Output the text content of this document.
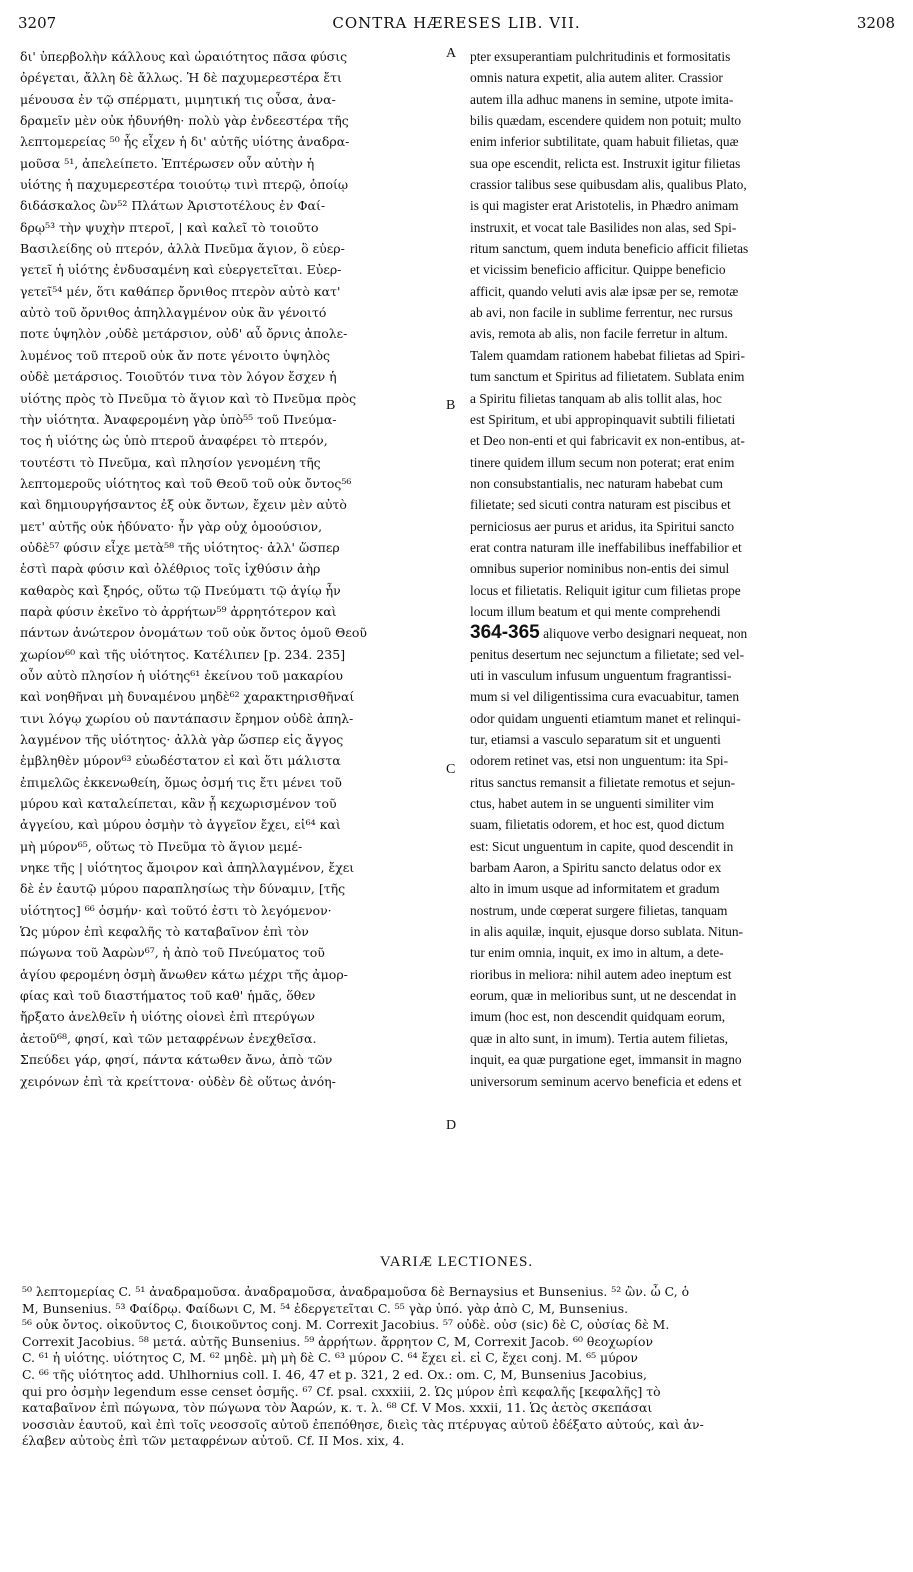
3207	CONTRA HÆRESES LIB. VII.	3208
δι' ὑπερβολὴν κάλλους καὶ ὡραιότητος πᾶσα φύσις
ὀρέγεται, ἄλλη δὲ ἄλλως. Ἡ δὲ παχυμερεστέρα ἔτι
μένουσα ἐν τῷ σπέρματι, μιμητική τις οὖσα, ἀνα-
δραμεῖν μὲν οὐκ ἠδυνήθη· πολὺ γὰρ ἐνδεεστέρα τῆς
λεπτομερείας ⁵⁰ ἧς εἶχεν ἡ δι' αὐτῆς υἱότης ἀναδρα-
μοῦσα ⁵¹, ἀπελείπετο. Ἐπτέρωσεν οὖν αὐτὴν ἡ
υἱότης ἡ παχυμερεστέρα τοιούτῳ τινὶ πτερῷ, ὁποίῳ
διδάσκαλος ὢν⁵² Πλάτων Ἀριστοτέλους ἐν Φαί-
δρῳ⁵³ τὴν ψυχὴν πτεροῖ, | καὶ καλεῖ τὸ τοιοῦτο
Βασιλείδης οὐ πτερόν, ἀλλὰ Πνεῦμα ἅγιον, ὃ εὐερ-
γετεῖ ἡ υἱότης ἐνδυσαμένη καὶ εὐεργετεῖται. Εὐερ-
γετεῖ⁵⁴ μέν, ὅτι καθάπερ ὄρνιθος πτερὸν αὐτὸ κατ'
αὐτὸ τοῦ ὄρνιθος ἀπηλλαγμένον οὐκ ἂν γένοιτό
ποτε ὑψηλὸν ,οὐδὲ μετάρσιον, οὐδ' αὖ ὄρνις ἀπολε-
λυμένος τοῦ πτεροῦ οὐκ ἄν ποτε γένοιτο ὑψηλὸς
οὐδὲ μετάρσιος. Τοιοῦτόν τινα τὸν λόγον ἔσχεν ἡ
υἱότης πρὸς τὸ Πνεῦμα τὸ ἅγιον καὶ τὸ Πνεῦμα πρὸς
τὴν υἱότητα. Ἀναφερομένη γὰρ ὑπὸ⁵⁵ τοῦ Πνεύμα-
τος ἡ υἱότης ὡς ὑπὸ πτεροῦ ἀναφέρει τὸ πτερόν,
τουτέστι τὸ Πνεῦμα, καὶ πλησίον γενομένη τῆς
λεπτομεροῦς υἱότητος καὶ τοῦ Θεοῦ τοῦ οὐκ ὄντος⁵⁶
καὶ δημιουργήσαντος ἐξ οὐκ ὄντων, ἔχειν μὲν αὐτὸ
μετ' αὐτῆς οὐκ ἠδύνατο· ἦν γὰρ οὐχ ὁμοούσιον,
οὐδὲ⁵⁷ φύσιν εἶχε μετὰ⁵⁸ τῆς υἱότητος· ἀλλ' ὥσπερ
ἐστὶ παρὰ φύσιν καὶ ὀλέθριος τοῖς ἰχθύσιν ἀὴρ
καθαρὸς καὶ ξηρός, οὕτω τῷ Πνεύματι τῷ ἁγίῳ ἦν
παρὰ φύσιν ἐκεῖνο τὸ ἀρρήτων⁵⁹ ἀρρητότερον καὶ
πάντων ἀνώτερον ὀνομάτων τοῦ οὐκ ὄντος ὁμοῦ Θεοῦ
χωρίον⁶⁰ καὶ τῆς υἱότητος. Κατέλιπεν [p. 234. 235]
οὖν αὐτὸ πλησίον ἡ υἱότης⁶¹ ἐκείνου τοῦ μακαρίου
καὶ νοηθῆναι μὴ δυναμένου μηδὲ⁶² χαρακτηρισθῆναί
τινι λόγῳ χωρίου οὐ παντάπασιν ἔρημον οὐδὲ ἀπηλ-
λαγμένον τῆς υἱότητος· ἀλλὰ γὰρ ὥσπερ εἰς ἄγγος
ἐμβληθὲν μύρον⁶³ εὐωδέστατον εἰ καὶ ὅτι μάλιστα
ἐπιμελῶς ἐκκενωθείη, ὅμως ὀσμή τις ἔτι μένει τοῦ
μύρου καὶ καταλείπεται, κἂν ᾖ κεχωρισμένον τοῦ
ἀγγείου, καὶ μύρου ὀσμὴν τὸ ἀγγεῖον ἔχει, εἰ⁶⁴ καὶ
μὴ μύρον⁶⁵, οὕτως τὸ Πνεῦμα τὸ ἅγιον μεμέ-
νηκε τῆς | υἱότητος ἄμοιρον καὶ ἀπηλλαγμένον, ἔχει
δὲ ἐν ἑαυτῷ μύρου παραπλησίως τὴν δύναμιν, [τῆς
υἱότητος] ⁶⁶ ὀσμήν· καὶ τοῦτό ἐστι τὸ λεγόμενον·
Ὡς μύρον ἐπὶ κεφαλῆς τὸ καταβαῖνον ἐπὶ τὸν
πώγωνα τοῦ Ἀαρὼν⁶⁷, ἡ ἀπὸ τοῦ Πνεύματος τοῦ
ἁγίου φερομένη ὀσμὴ ἄνωθεν κάτω μέχρι τῆς ἀμορ-
φίας καὶ τοῦ διαστήματος τοῦ καθ' ἡμᾶς, ὅθεν
ἤρξατο ἀνελθεῖν ἡ υἱότης οἱονεὶ ἐπὶ πτερύγων
ἀετοῦ⁶⁸, φησί, καὶ τῶν μεταφρένων ἐνεχθεῖσα.
Σπεύδει γάρ, φησί, πάντα κάτωθεν ἄνω, ἀπὸ τῶν
χειρόνων ἐπὶ τὰ κρείττονα· οὐδὲν δὲ οὕτως ἀνόη-
pter exsuperantiam pulchritudinis et formositatis
omnis natura expetit, alia autem aliter. Crassior
autem illa adhuc manens in semine, utpote imita-
bilis quædam, escendere quidem non potuit; multo
enim inferior subtilitate, quam habuit filietas, quæ
sua ope escendit, relicta est. Instruxit igitur filietas
crassior talibus sese quibusdam alis, qualibus Plato,
is qui magister erat Aristotelis, in Phædro animam
instruxit, et vocat tale Basilides non alas, sed Spi-
ritum sanctum, quem induta beneficio afficit filietas
et vicissim beneficio afficitur. Quippe beneficio
afficit, quando veluti avis alæ ipsæ per se, remotæ
ab avi, non facile in sublime ferrentur, nec rursus
avis, remota ab alis, non facile ferretur in altum.
Talem quamdam rationem habebat filietas ad Spiri-
tum sanctum et Spiritus ad filietatem. Sublata enim
a Spiritu filietas tanquam ab alis tollit alas, hoc
est Spiritum, et ubi appropinquavit subtili filietati
et Deo non-enti et qui fabricavit ex non-entibus, at-
tinere quidem illum secum non poterat; erat enim
non consubstantialis, nec naturam habebat cum
filietate; sed sicuti contra naturam est piscibus et
perniciosus aer purus et aridus, ita Spiritui sancto
erat contra naturam ille ineffabilibus ineffabilior et
omnibus superior nominibus non-entis dei simul
locus et filietatis. Reliquit igitur cum filietas prope
locum illum beatum et qui mente comprehendi
364-365 aliquove verbo designari nequeat, non
penitus desertum nec sejunctum a filietate; sed vel-
uti in vasculum infusum unguentum fragrantissi-
mum si vel diligentissima cura evacuabitur, tamen
odor quidam unguenti etiamtum manet et relinqui-
tur, etiamsi a vasculo separatum sit et unguenti
odorem retinet vas, etsi non unguentum: ita Spi-
ritus sanctus remansit a filietate remotus et sejun-
ctus, habet autem in se unguenti similiter vim
suam, filietatis odorem, et hoc est, quod dictum
est: Sicut unguentum in capite, quod descendit in
barbam Aaron, a Spiritu sancto delatus odor ex
alto in imum usque ad informitatem et gradum
nostrum, unde cœperat surgere filietas, tanquam
in alis aquilæ, inquit, ejusque dorso sublata. Nitun-
tur enim omnia, inquit, ex imo in altum, a dete-
rioribus in meliora: nihil autem adeo ineptum est
eorum, quæ in melioribus sunt, ut ne descendat in
imum (hoc est, non descendit quidquam eorum,
quæ in alto sunt, in imum). Tertia autem filietas,
inquit, ea quæ purgatione eget, immansit in magno
universorum seminum acervo beneficia et edens et
A
B
C
D
VARIÆ LECTIONES.
⁵⁰ λεπτομερίας C. ⁵¹ ἀναδραμοῦσα. ἀναδραμοῦσα, ἀναδραμοῦσα δὲ Bernaysius et Bunsenius. ⁵² ὢν. ὦ C, ὁ
M, Bunsenius. ⁵³ Φαίδρῳ. Φαίδωνι C, M. ⁵⁴ ἐδεργετεῖται C. ⁵⁵ γὰρ ὑπό. γὰρ ἀπὸ C, M, Bunsenius.
⁵⁶ οὐκ ὄντος. οἰκοῦντος C, διοικοῦντος conj. M. Correxit Jacobius. ⁵⁷ οὐδὲ. οὐσ (sic) δὲ C, οὐσίας δὲ M.
Correxit Jacobius. ⁵⁸ μετά. αὐτῆς Bunsenius. ⁵⁹ ἀρρήτων. ἄρρητον C, M, Correxit Jacob. ⁶⁰ θεοχωρίον
C. ⁶¹ ἡ υἱότης. υἱότητος C, M. ⁶² μηδὲ. μὴ μὴ δὲ C. ⁶³ μύρον C. ⁶⁴ ἔχει εἰ. εἰ C, ἔχει conj. M. ⁶⁵ μύρον
C. ⁶⁶ τῆς υἱότητος add. Uhlhornius coll. I. 46, 47 et p. 321, 2 ed. Ox.: om. C, M, Bunsenius Jacobius,
qui pro ὀσμὴν legendum esse censet ὀσμῆς. ⁶⁷ Cf. psal. cxxxiii, 2. Ὡς μύρον ἐπὶ κεφαλῆς [κεφαλῆς] τὸ
καταβαῖνον ἐπὶ πώγωνα, τὸν πώγωνα τὸν Ἀαρών, κ. τ. λ. ⁶⁸ Cf. V Mos. xxxii, 11. Ὡς ἀετὸς σκεπάσαι
νοσσιὰν ἑαυτοῦ, καὶ ἐπὶ τοῖς νεοσσοῖς αὐτοῦ ἐπεπόθησε, διεὶς τὰς πτέρυγας αὐτοῦ ἐδέξατο αὐτούς, καὶ ἀν-
έλαβεν αὐτοὺς ἐπὶ τῶν μεταφρένων αὐτοῦ. Cf. II Mos. xix, 4.
